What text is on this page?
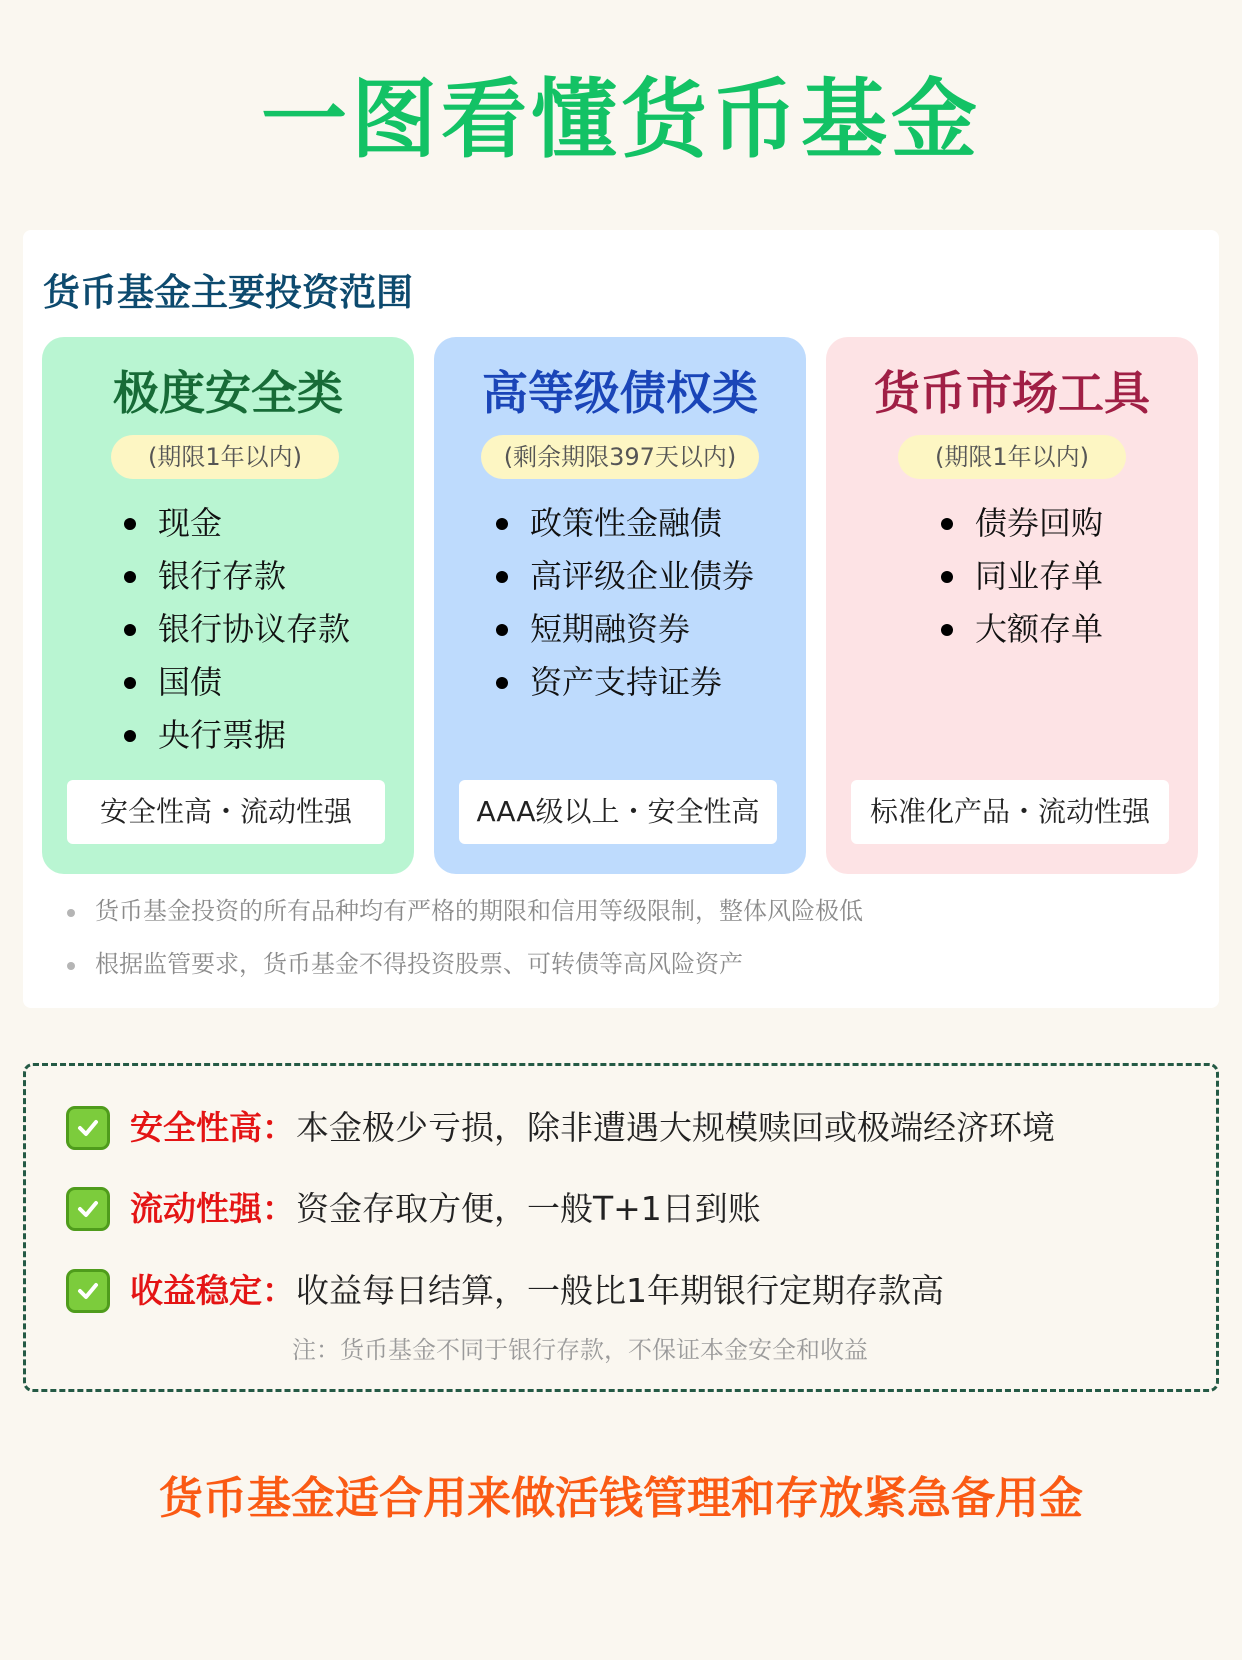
一图看懂货币基金
货币基金主要投资范围
极度安全类
(期限1年以内)
现金
银行存款
银行协议存款
国债
央行票据
安全性高・流动性强
高等级债权类
(剩余期限397天以内)
政策性金融债
高评级企业债券
短期融资券
资产支持证券
AAA级以上・安全性高
货币市场工具
(期限1年以内)
债券回购
同业存单
大额存单
标准化产品・流动性强
货币基金投资的所有品种均有严格的期限和信用等级限制，整体风险极低
根据监管要求，货币基金不得投资股票、可转债等高风险资产
安全性高： 本金极少亏损，除非遭遇大规模赎回或极端经济环境
流动性强： 资金存取方便，一般T+1日到账
收益稳定： 收益每日结算，一般比1年期银行定期存款高
注：货币基金不同于银行存款，不保证本金安全和收益
货币基金适合用来做活钱管理和存放紧急备用金
